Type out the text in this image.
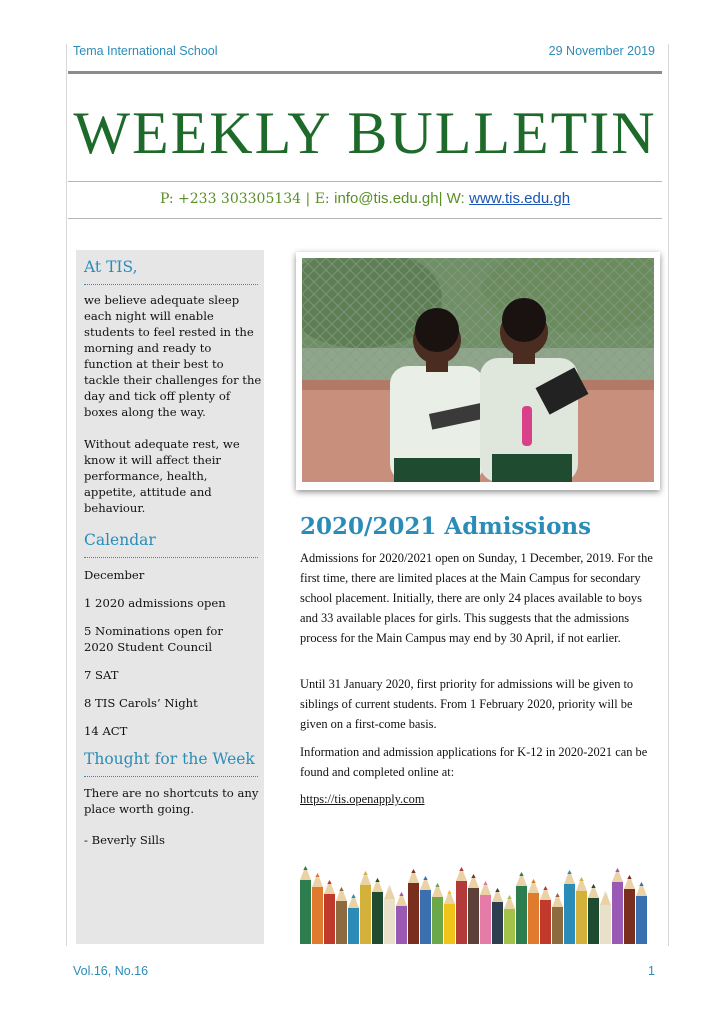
Tema International School	29 November 2019
WEEKLY BULLETIN
P: +233 303305134 | E: info@tis.edu.gh| W: www.tis.edu.gh
At TIS,
we believe adequate sleep each night will enable students to feel rested in the morning and ready to function at their best to tackle their challenges for the day and tick off plenty of boxes along the way.
Without adequate rest, we know it will affect their performance, health, appetite, attitude and behaviour.
Calendar
December
1 2020 admissions open
5 Nominations open for
2020 Student Council
7 SAT
8 TIS Carols’ Night
14 ACT
Thought for the Week
There are no shortcuts to any place worth going.
- Beverly Sills
2020/2021 Admissions
Admissions for 2020/2021 open on Sunday, 1 December, 2019. For the first time, there are limited places at the Main Campus for secondary school placement. Initially, there are only 24 places available to boys and 33 available places for girls. This suggests that the admissions process for the Main Campus may end by 30 April, if not earlier.
Until 31 January 2020, first priority for admissions will be given to siblings of current students. From 1 February 2020, priority will be given on a first-come basis.
Information and admission applications for K-12 in 2020-2021 can be found and completed online at:
https://tis.openapply.com
Vol.16, No.16	1
